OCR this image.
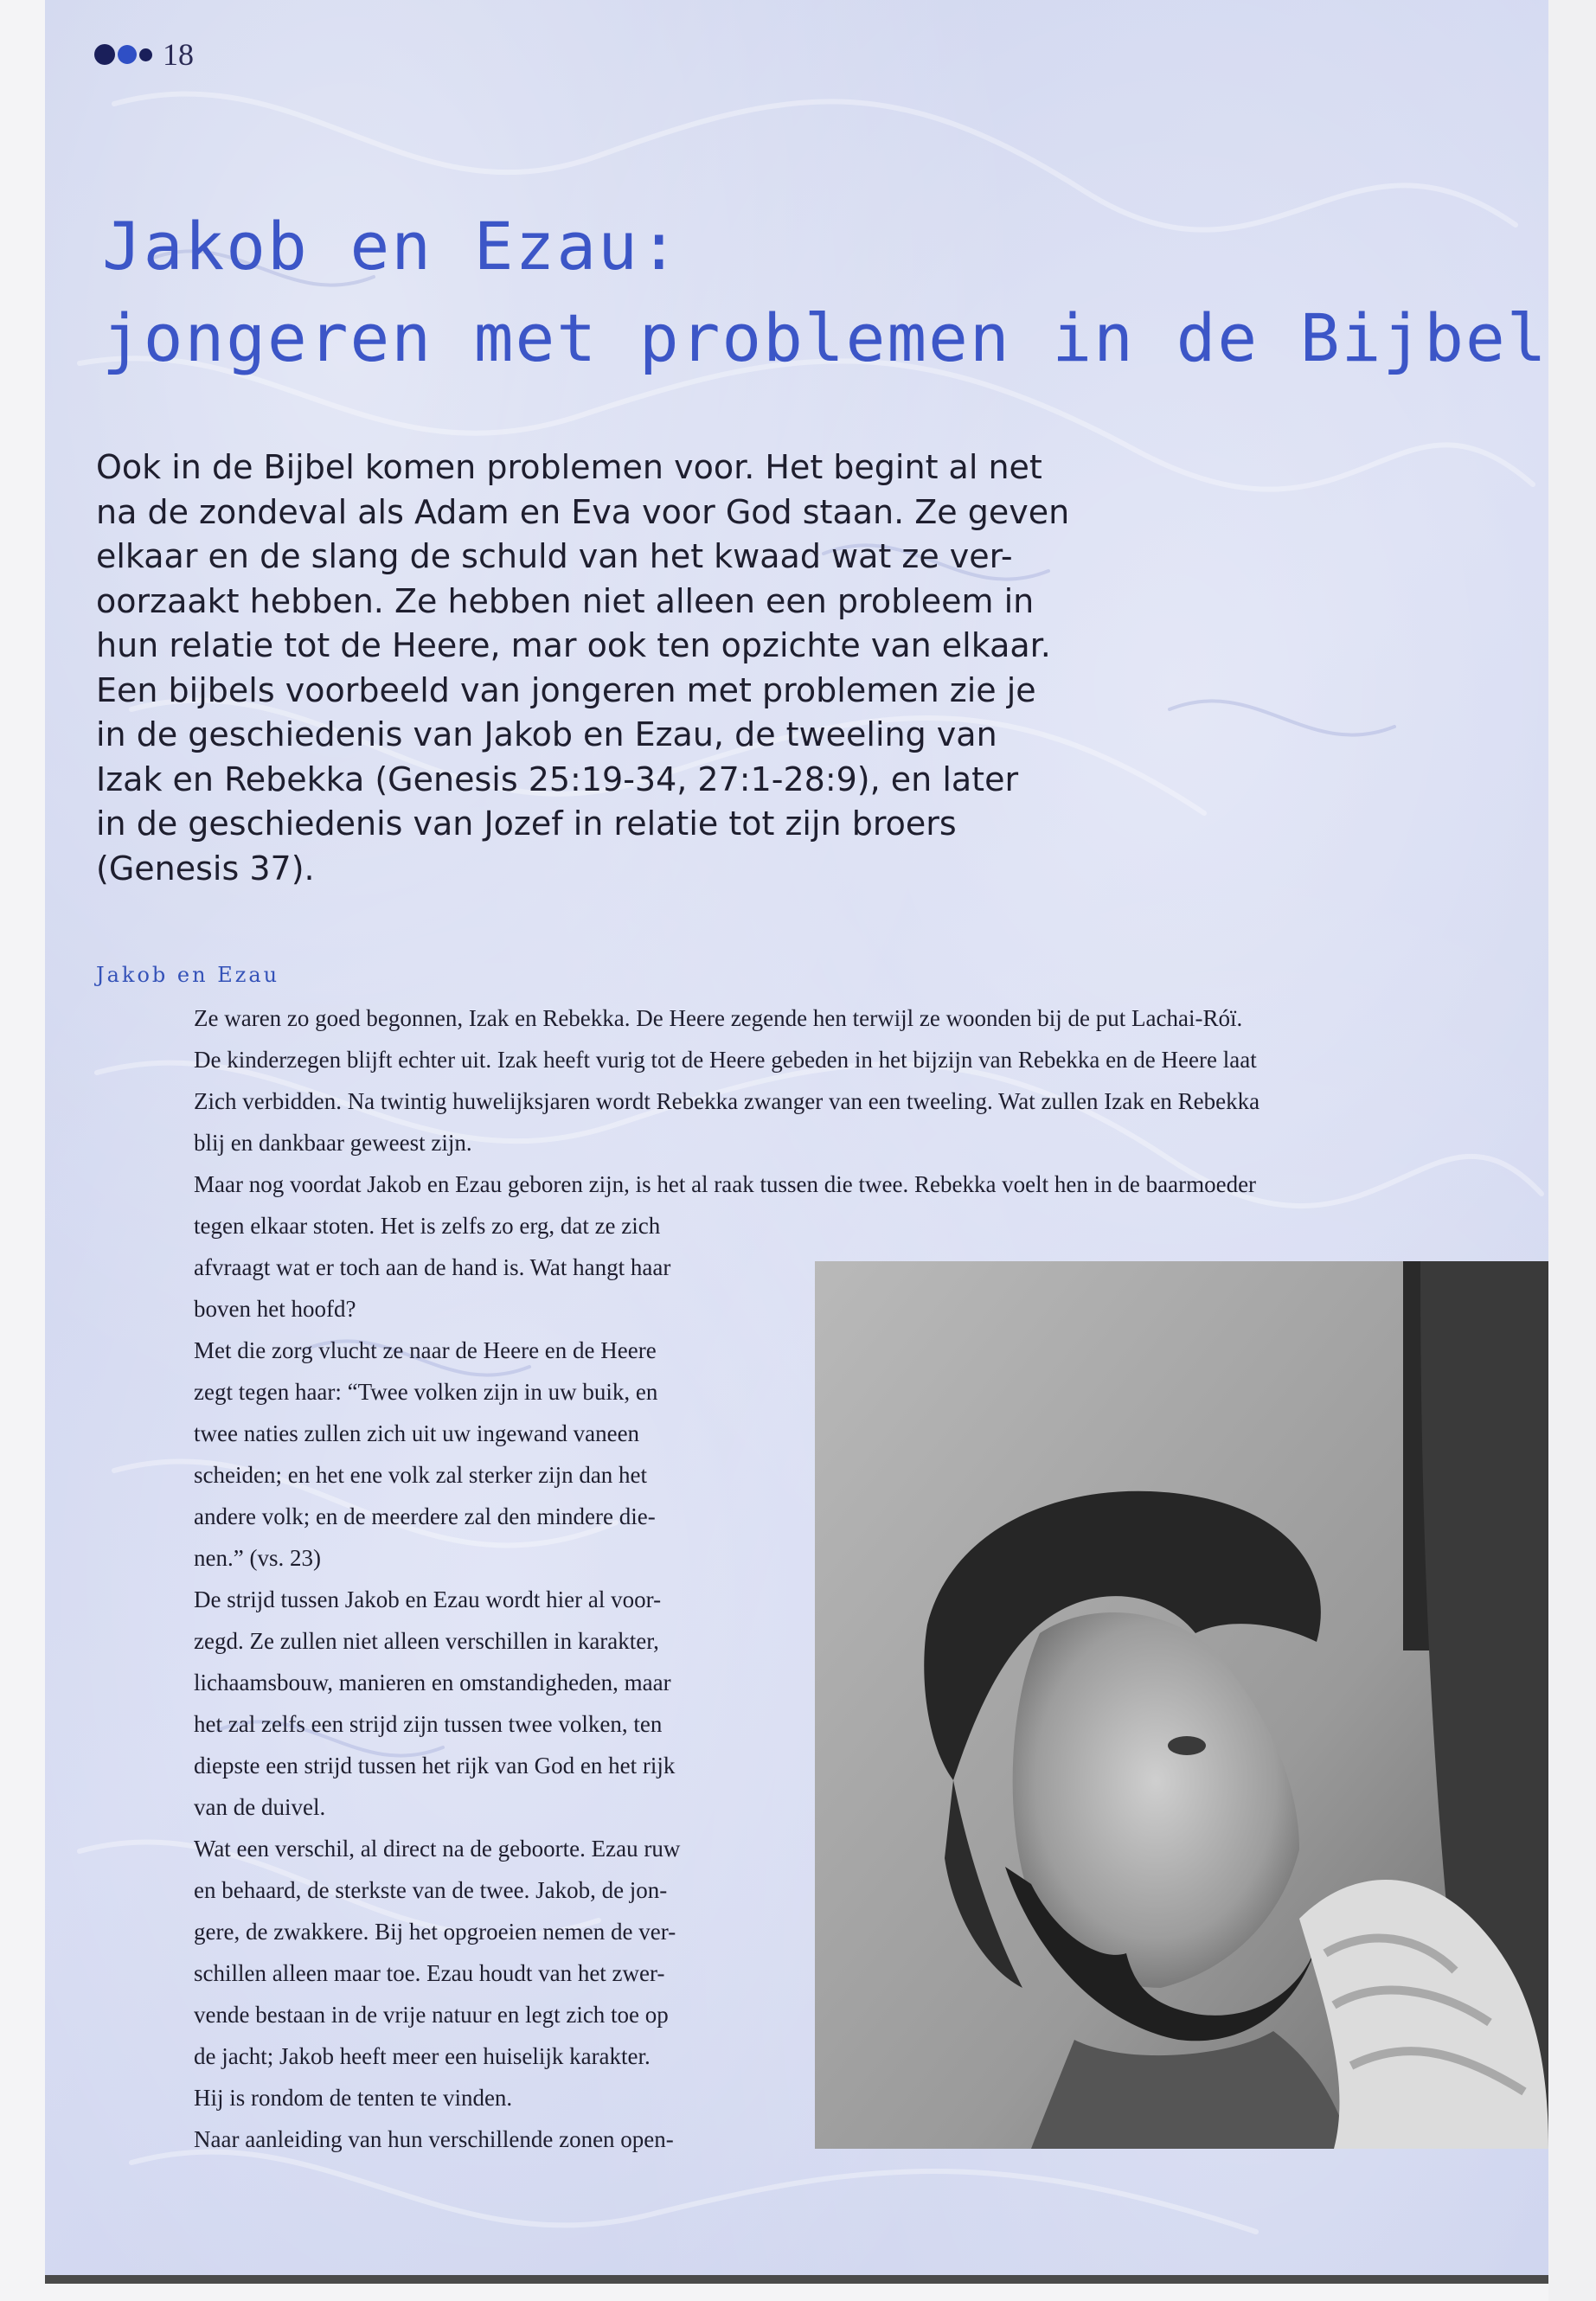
18
Jakob en Ezau:
jongeren met problemen in de Bijbel
Ook in de Bijbel komen problemen voor. Het begint al net
na de zondeval als Adam en Eva voor God staan. Ze geven
elkaar en de slang de schuld van het kwaad wat ze ver-
oorzaakt hebben. Ze hebben niet alleen een probleem in
hun relatie tot de Heere, mar ook ten opzichte van elkaar.
Een bijbels voorbeeld van jongeren met problemen zie je
in de geschiedenis van Jakob en Ezau, de tweeling van
Izak en Rebekka (Genesis 25:19-34, 27:1-28:9), en later
in de geschiedenis van Jozef in relatie tot zijn broers
(Genesis 37).
Jakob en Ezau
Ze waren zo goed begonnen, Izak en Rebekka. De Heere zegende hen terwijl ze woonden bij de put Lachai-Róï.
De kinderzegen blijft echter uit. Izak heeft vurig tot de Heere gebeden in het bijzijn van Rebekka en de Heere laat
Zich verbidden. Na twintig huwelijksjaren wordt Rebekka zwanger van een tweeling. Wat zullen Izak en Rebekka
blij en dankbaar geweest zijn.
Maar nog voordat Jakob en Ezau geboren zijn, is het al raak tussen die twee. Rebekka voelt hen in de baarmoeder
tegen elkaar stoten. Het is zelfs zo erg, dat ze zich
afvraagt wat er toch aan de hand is. Wat hangt haar
boven het hoofd?
Met die zorg vlucht ze naar de Heere en de Heere
zegt tegen haar: “Twee volken zijn in uw buik, en
twee naties zullen zich uit uw ingewand vaneen
scheiden; en het ene volk zal sterker zijn dan het
andere volk; en de meerdere zal den mindere die-
nen.” (vs. 23)
De strijd tussen Jakob en Ezau wordt hier al voor-
zegd. Ze zullen niet alleen verschillen in karakter,
lichaamsbouw, manieren en omstandigheden, maar
het zal zelfs een strijd zijn tussen twee volken, ten
diepste een strijd tussen het rijk van God en het rijk
van de duivel.
Wat een verschil, al direct na de geboorte. Ezau ruw
en behaard, de sterkste van de twee. Jakob, de jon-
gere, de zwakkere. Bij het opgroeien nemen de ver-
schillen alleen maar toe. Ezau houdt van het zwer-
vende bestaan in de vrije natuur en legt zich toe op
de jacht; Jakob heeft meer een huiselijk karakter.
Hij is rondom de tenten te vinden.
Naar aanleiding van hun verschillende zonen open-
